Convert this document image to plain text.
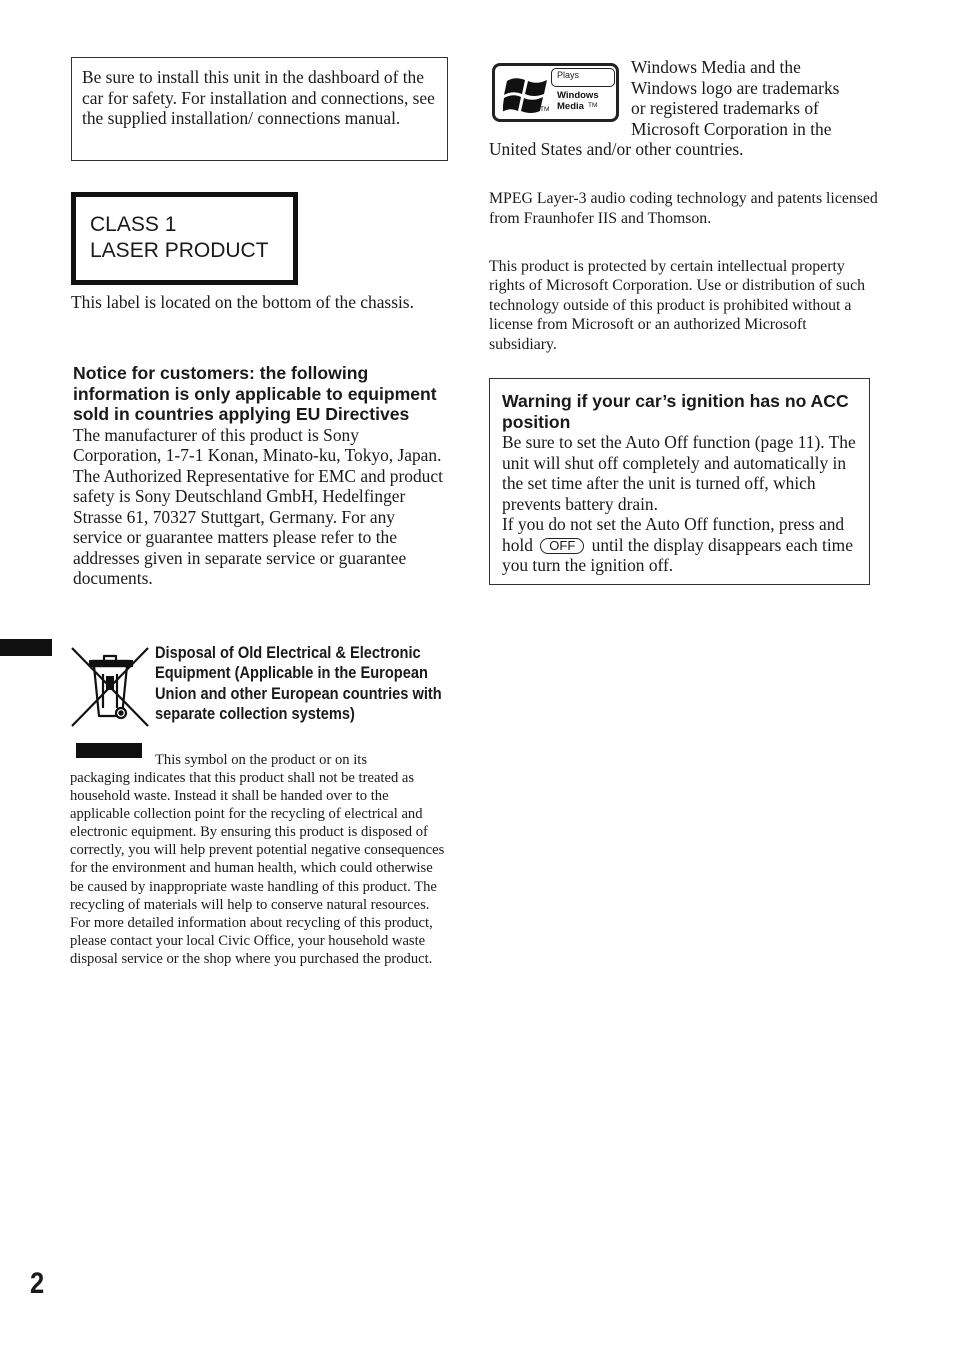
Be sure to install this unit in the dashboard of the car for safety. For installation and connections, see the supplied installation/ connections manual.
CLASS 1
LASER PRODUCT
This label is located on the bottom of the chassis.
Notice for customers: the following information is only applicable to equipment sold in countries applying EU Directives
The manufacturer of this product is Sony Corporation, 1-7-1 Konan, Minato-ku, Tokyo, Japan. The Authorized Representative for EMC and product safety is Sony Deutschland GmbH, Hedelfinger Strasse 61, 70327 Stuttgart, Germany. For any service or guarantee matters please refer to the addresses given in separate service or guarantee documents.
Disposal of Old Electrical & Electronic Equipment (Applicable in the European Union and other European countries with separate collection systems)
This symbol on the product or on its
packaging indicates that this product shall not be treated as household waste. Instead it shall be handed over to the applicable collection point for the recycling of electrical and electronic equipment. By ensuring this product is disposed of correctly, you will help prevent potential negative consequences for the environment and human health, which could otherwise be caused by inappropriate waste handling of this product. The recycling of materials will help to conserve natural resources. For more detailed information about recycling of this product, please contact your local Civic Office, your household waste disposal service or the shop where you purchased the product.
2
Plays
Windows
Media
TM
TM
Windows Media and the
Windows logo are trademarks
or registered trademarks of
Microsoft Corporation in the
United States and/or other countries.
MPEG Layer-3 audio coding technology and patents licensed from Fraunhofer IIS and Thomson.
This product is protected by certain intellectual property rights of Microsoft Corporation. Use or distribution of such technology outside of this product is prohibited without a license from Microsoft or an authorized Microsoft subsidiary.
Warning if your car’s ignition has no ACC position
Be sure to set the Auto Off function (page 11). The unit will shut off completely and automatically in the set time after the unit is turned off, which prevents battery drain.
If you do not set the Auto Off function, press and hold OFF until the display disappears each time you turn the ignition off.
